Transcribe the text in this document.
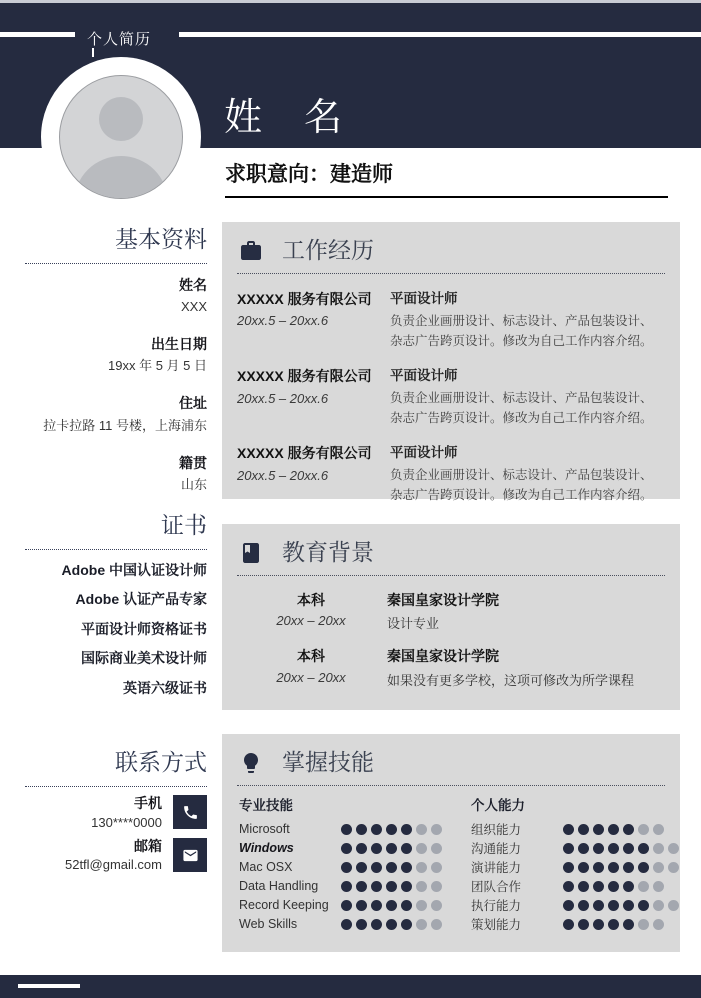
个人简历
姓　名
求职意向：建造师
基本资料
姓名
XXX
出生日期
19xx 年 5 月 5 日
住址
拉卡拉路 11 号楼，上海浦东
籍贯
山东
证书
Adobe 中国认证设计师
Adobe 认证产品专家
平面设计师资格证书
国际商业美术设计师
英语六级证书
联系方式
手机
130****0000
邮箱
52tfl@gmail.com
工作经历
XXXXX 服务有限公司
20xx.5 – 20xx.6
平面设计师
负责企业画册设计、标志设计、产品包装设计、杂志广告跨页设计。修改为自己工作内容介绍。
XXXXX 服务有限公司
20xx.5 – 20xx.6
平面设计师
负责企业画册设计、标志设计、产品包装设计、杂志广告跨页设计。修改为自己工作内容介绍。
XXXXX 服务有限公司
20xx.5 – 20xx.6
平面设计师
负责企业画册设计、标志设计、产品包装设计、杂志广告跨页设计。修改为自己工作内容介绍。
教育背景
本科
20xx – 20xx
秦国皇家设计学院
设计专业
本科
20xx – 20xx
秦国皇家设计学院
如果没有更多学校，这项可修改为所学课程
掌握技能
专业技能
Microsoft
Windows
Mac OSX
Data Handling
Record Keeping
Web Skills
个人能力
组织能力
沟通能力
演讲能力
团队合作
执行能力
策划能力
